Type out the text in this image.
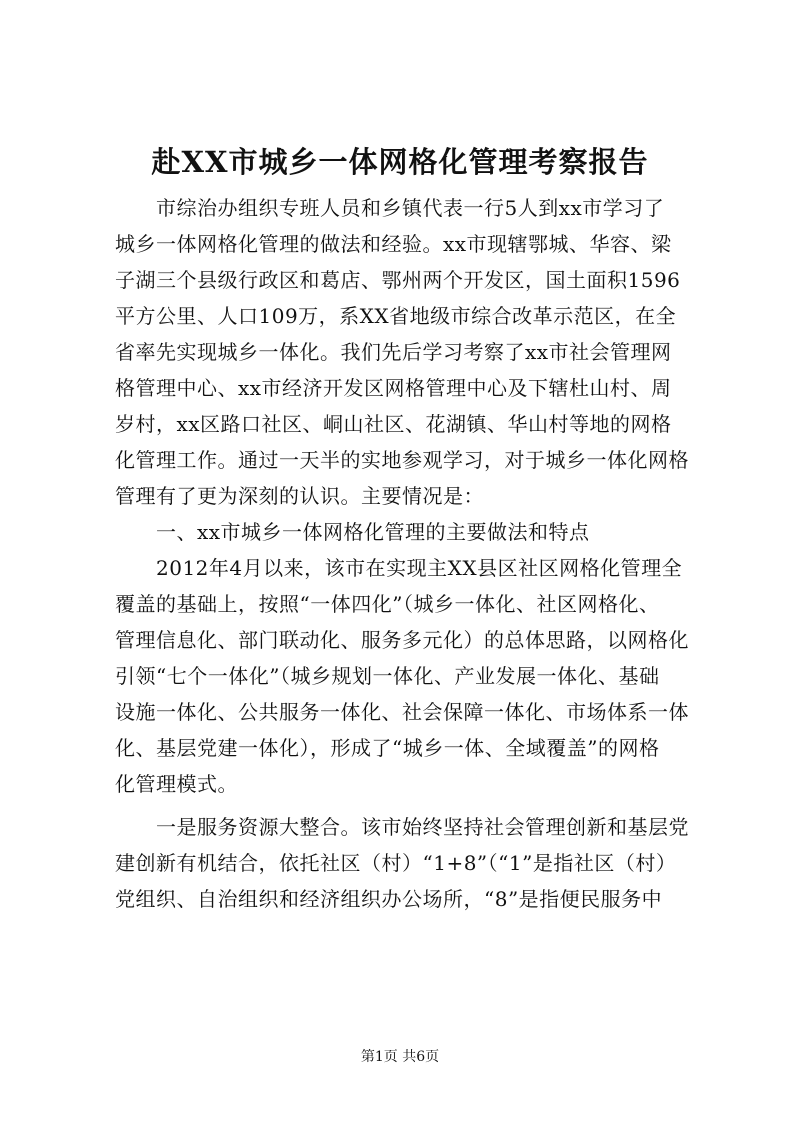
赴XX市城乡一体网格化管理考察报告
　　市综治办组织专班人员和乡镇代表一行5人到xx市学习了
城乡一体网格化管理的做法和经验。xx市现辖鄂城、华容、梁
子湖三个县级行政区和葛店、鄂州两个开发区，国土面积1596
平方公里、人口109万，系XX省地级市综合改革示范区，在全
省率先实现城乡一体化。我们先后学习考察了xx市社会管理网
格管理中心、xx市经济开发区网格管理中心及下辖杜山村、周
岁村，xx区路口社区、峒山社区、花湖镇、华山村等地的网格
化管理工作。通过一天半的实地参观学习，对于城乡一体化网格
管理有了更为深刻的认识。主要情况是：
　　一、xx市城乡一体网格化管理的主要做法和特点
　　2012年4月以来，该市在实现主XX县区社区网格化管理全
覆盖的基础上，按照“一体四化”（城乡一体化、社区网格化、
管理信息化、部门联动化、服务多元化）的总体思路，以网格化
引领“七个一体化”（城乡规划一体化、产业发展一体化、基础
设施一体化、公共服务一体化、社会保障一体化、市场体系一体
化、基层党建一体化），形成了“城乡一体、全域覆盖”的网格
化管理模式。
　　一是服务资源大整合。该市始终坚持社会管理创新和基层党
建创新有机结合，依托社区（村）“1+8”（“1”是指社区（村）
党组织、自治组织和经济组织办公场所，“8”是指便民服务中
第1页 共6页
